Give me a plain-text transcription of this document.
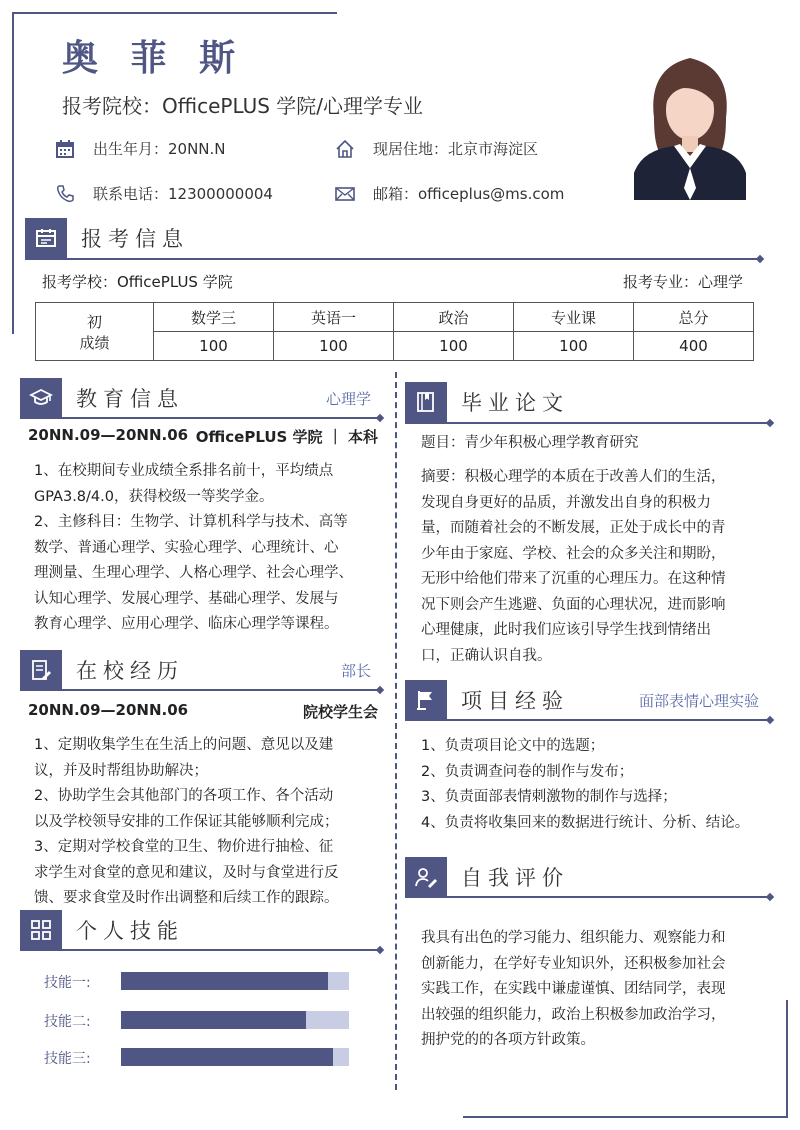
奥 菲 斯
报考院校：OfficePLUS 学院/心理学专业
出生年月：20NN.N	现居住地：北京市海淀区
联系电话：12300000004	邮箱：officeplus@ms.com
报考信息
报考学校：OfficePLUS 学院	报考专业：心理学
初
成绩	数学三	英语一	政治	专业课	总分
	100	100	100	100	400
教育信息	心理学
20NN.09—20NN.06 OfficePLUS 学院 ｜ 本科
1、在校期间专业成绩全系排名前十，平均绩点
GPA3.8/4.0，获得校级一等奖学金。
2、主修科目：生物学、计算机科学与技术、高等
数学、普通心理学、实验心理学、心理统计、心
理测量、生理心理学、人格心理学、社会心理学、
认知心理学、发展心理学、基础心理学、发展与
教育心理学、应用心理学、临床心理学等课程。
在校经历	部长
20NN.09—20NN.06	院校学生会
1、定期收集学生在生活上的问题、意见以及建
议，并及时帮组协助解决；
2、协助学生会其他部门的各项工作、各个活动
以及学校领导安排的工作保证其能够顺利完成；
3、定期对学校食堂的卫生、物价进行抽检、征
求学生对食堂的意见和建议，及时与食堂进行反
馈、要求食堂及时作出调整和后续工作的跟踪。
个人技能
技能一:
技能二:
技能三:
毕业论文
题目：青少年积极心理学教育研究
摘要：积极心理学的本质在于改善人们的生活，
发现自身更好的品质，并激发出自身的积极力
量，而随着社会的不断发展，正处于成长中的青
少年由于家庭、学校、社会的众多关注和期盼，
无形中给他们带来了沉重的心理压力。在这种情
况下则会产生逃避、负面的心理状况，进而影响
心理健康，此时我们应该引导学生找到情绪出
口，正确认识自我。
项目经验	面部表情心理实验
1、负责项目论文中的选题；
2、负责调查问卷的制作与发布；
3、负责面部表情刺激物的制作与选择；
4、负责将收集回来的数据进行统计、分析、结论。
自我评价
我具有出色的学习能力、组织能力、观察能力和
创新能力，在学好专业知识外，还积极参加社会
实践工作，在实践中谦虚谨慎、团结同学，表现
出较强的组织能力，政治上积极参加政治学习，
拥护党的的各项方针政策。
